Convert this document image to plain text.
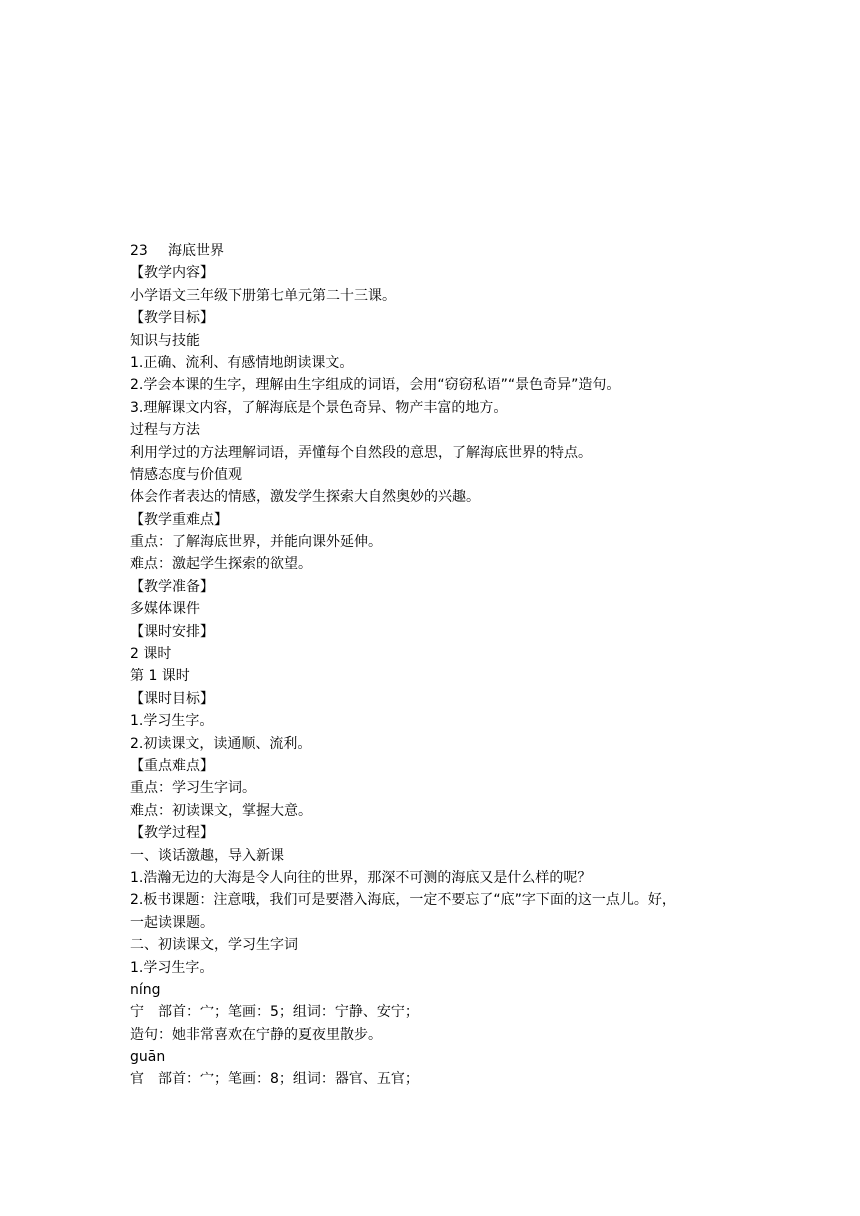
23 海底世界
【教学内容】
小学语文三年级下册第七单元第二十三课。
【教学目标】
知识与技能
1.正确、流利、有感情地朗读课文。
2.学会本课的生字，理解由生字组成的词语，会用“窃窃私语”“景色奇异”造句。
3.理解课文内容，了解海底是个景色奇异、物产丰富的地方。
过程与方法
利用学过的方法理解词语，弄懂每个自然段的意思，了解海底世界的特点。
情感态度与价值观
体会作者表达的情感，激发学生探索大自然奥妙的兴趣。
【教学重难点】
重点：了解海底世界，并能向课外延伸。
难点：激起学生探索的欲望。
【教学准备】
多媒体课件
【课时安排】
2 课时
第 1 课时
【课时目标】
1.学习生字。
2.初读课文，读通顺、流利。
【重点难点】
重点：学习生字词。
难点：初读课文，掌握大意。
【教学过程】
一、谈话激趣，导入新课
1.浩瀚无边的大海是令人向往的世界，那深不可测的海底又是什么样的呢？
2.板书课题：注意哦，我们可是要潜入海底，一定不要忘了“底”字下面的这一点儿。好，
一起读课题。
二、初读课文，学习生字词
1.学习生字。
níng
宁　部首：宀；笔画：5；组词：宁静、安宁；
造句：她非常喜欢在宁静的夏夜里散步。
guān
官　部首：宀；笔画：8；组词：器官、五官；
